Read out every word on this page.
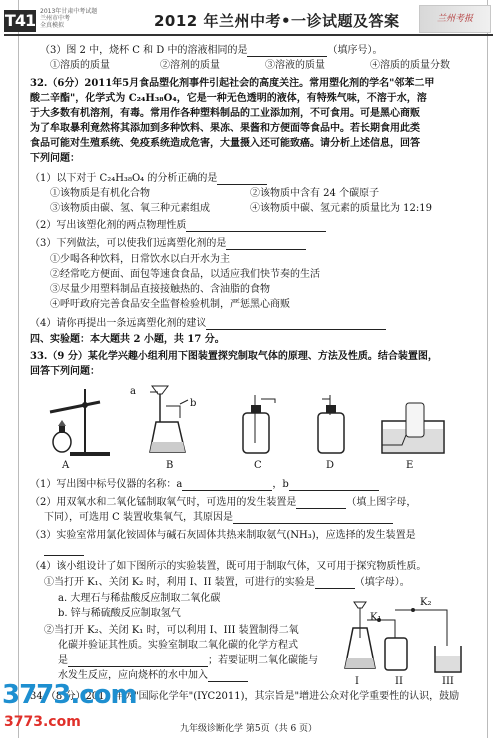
T41 2013年甘肃中考试题
兰州市中考
全真模拟	2012 年兰州中考•一诊试题及答案	兰州考报
（3）图 2 中，烧杯 C 和 D 中的溶液相同的是	（填序号）。
①溶质的质量	②溶剂的质量	③溶液的质量	④溶质的质量分数
32.（6分）2011年5月食品塑化剂事件引起社会的高度关注。常用塑化剂的学名"邻苯二甲
酸二辛酯"，化学式为 C₂₄H₃₈O₄，它是一种无色透明的液体，有特殊气味，不溶于水，溶
于大多数有机溶剂，有毒。常用作各种塑料制品的工业添加剂，不可食用。可是黑心商贩
为了牟取暴利竟然将其添加到多种饮料、果冻、果酱和方便面等食品中。若长期食用此类
食品可能对生殖系统、免疫系统造成危害，大量摄入还可能致癌。请分析上述信息，回答
下列问题：
（1）以下对于 C₂₄H₃₈O₄ 的分析正确的是
①该物质是有机化合物	②该物质中含有 24 个碳原子
③该物质由碳、氢、氧三种元素组成	④该物质中碳、氢元素的质量比为 12:19
（2）写出该塑化剂的两点物理性质
（3）下列做法，可以使我们远离塑化剂的是
①少喝各种饮料，日常饮水以白开水为主
②经常吃方便面、面包等速食食品，以适应我们快节奏的生活
③尽量少用塑料制品直接接触热的、含油脂的食物
④呼吁政府完善食品安全监督检验机制，严惩黑心商贩
（4）请你再提出一条远离塑化剂的建议
四、实验题：本大题共 2 小题，共 17 分。
33.（9 分）某化学兴趣小组利用下图装置探究制取气体的原理、方法及性质。结合装置图，
回答下列问题：
A
a
b
B	C	D	E
（1）写出图中标号仪器的名称：a	，b
（2）用双氧水和二氧化锰制取氧气时，可选用的发生装置是	（填上图字母，
下同），可选用 C 装置收集氧气，其原因是
（3）实验室常用氯化铵固体与碱石灰固体共热来制取氨气(NH₃)，应选择的发生装置是
（4）该小组设计了如下图所示的实验装置，既可用于制取气体，又可用于探究物质性质。
①当打开 K₁、关闭 K₂ 时，利用 I、II 装置，可进行的实验是	（填字母）。
a. 大理石与稀盐酸反应制取二氧化碳
b. 锌与稀硫酸反应制取氢气
②当打开 K₂、关闭 K₁ 时，可以利用 I、III 装置制得二氧
化碳并验证其性质。实验室制取二氧化碳的化学方程式
是	；若要证明二氧化碳能与
水发生反应，应向烧杯的水中加入
K₂
K₁
I	II	III
34.（8 分）2011 年为"国际化学年"(IYC2011)，其宗旨是"增进公众对化学重要性的认识，鼓励
3773.com
3773.com	九年级诊断化学 第5页（共 6 页）
